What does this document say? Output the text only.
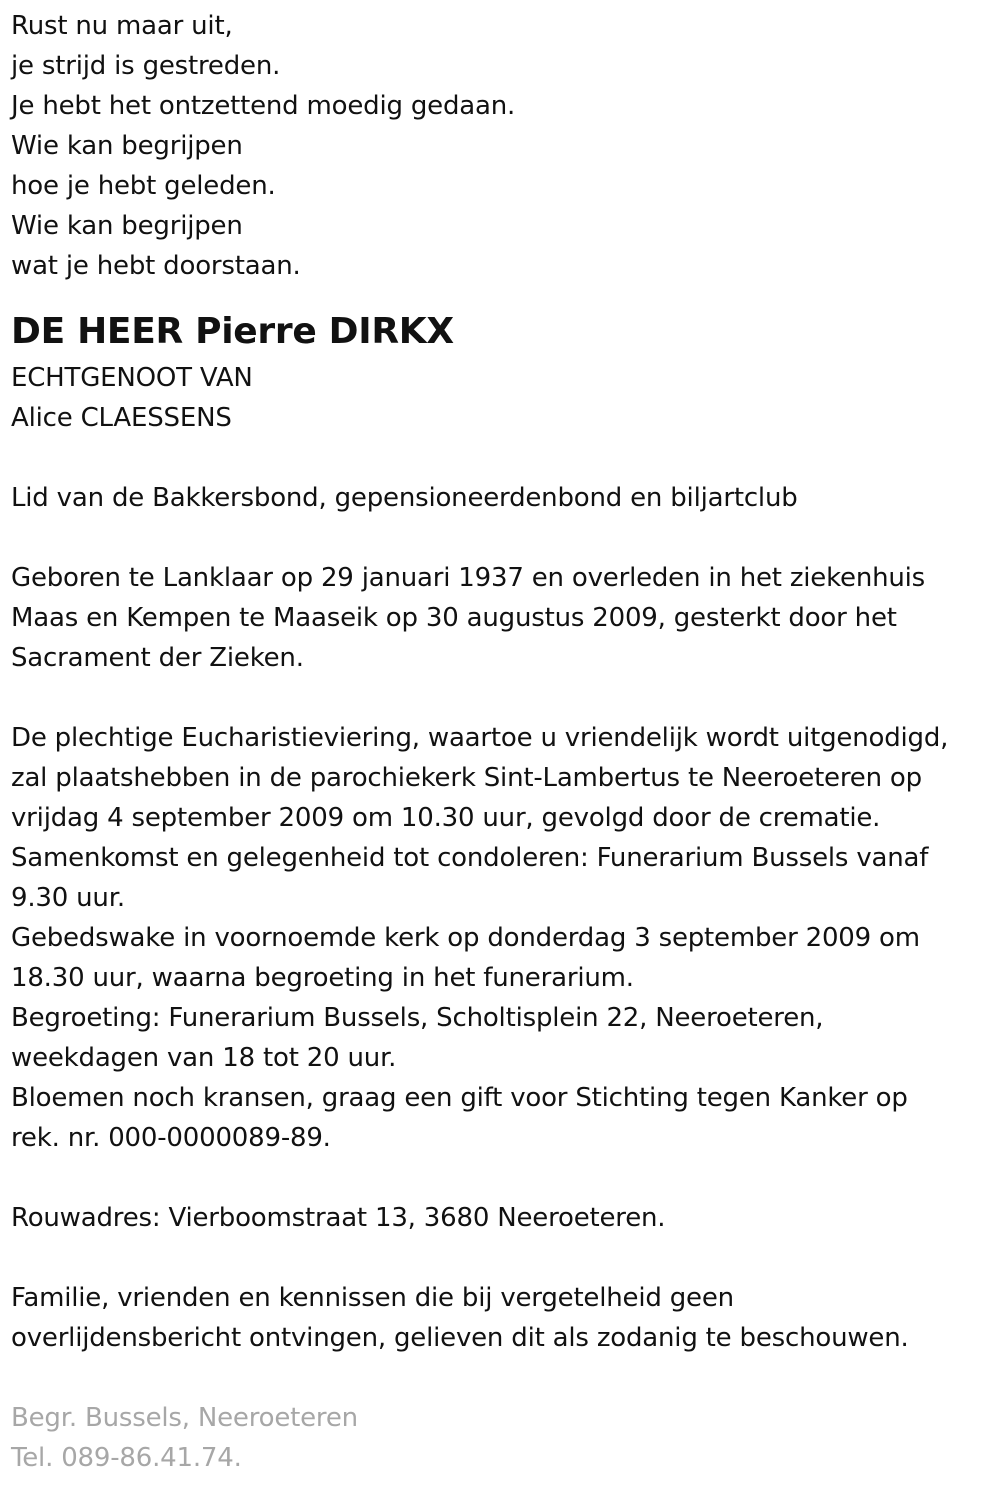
Rust nu maar uit,
je strijd is gestreden.
Je hebt het ontzettend moedig gedaan.
Wie kan begrijpen
hoe je hebt geleden.
Wie kan begrijpen
wat je hebt doorstaan.
DE HEER Pierre DIRKX
ECHTGENOOT VAN
Alice CLAESSENS
Lid van de Bakkersbond, gepensioneerdenbond en biljartclub
Geboren te Lanklaar op 29 januari 1937 en overleden in het ziekenhuis
Maas en Kempen te Maaseik op 30 augustus 2009, gesterkt door het
Sacrament der Zieken.
De plechtige Eucharistieviering, waartoe u vriendelijk wordt uitgenodigd,
zal plaatshebben in de parochiekerk Sint-Lambertus te Neeroeteren op
vrijdag 4 september 2009 om 10.30 uur, gevolgd door de crematie.
Samenkomst en gelegenheid tot condoleren: Funerarium Bussels vanaf
9.30 uur.
Gebedswake in voornoemde kerk op donderdag 3 september 2009 om
18.30 uur, waarna begroeting in het funerarium.
Begroeting: Funerarium Bussels, Scholtisplein 22, Neeroeteren,
weekdagen van 18 tot 20 uur.
Bloemen noch kransen, graag een gift voor Stichting tegen Kanker op
rek. nr. 000-0000089-89.
Rouwadres: Vierboomstraat 13, 3680 Neeroeteren.
Familie, vrienden en kennissen die bij vergetelheid geen
overlijdensbericht ontvingen, gelieven dit als zodanig te beschouwen.
Begr. Bussels, Neeroeteren
Tel. 089-86.41.74.
